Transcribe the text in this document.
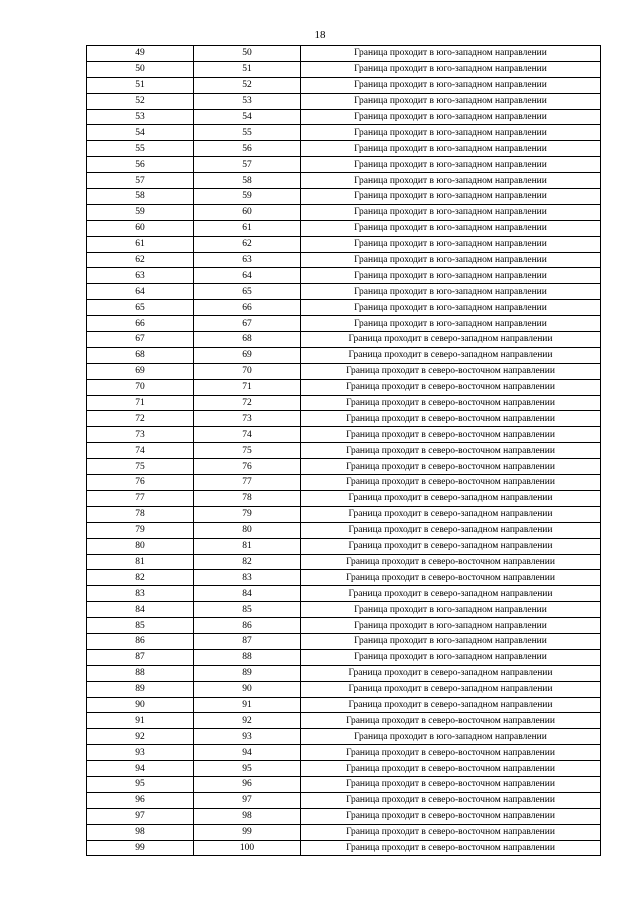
18
49	50	Граница проходит в юго-западном направлении
50	51	Граница проходит в юго-западном направлении
51	52	Граница проходит в юго-западном направлении
52	53	Граница проходит в юго-западном направлении
53	54	Граница проходит в юго-западном направлении
54	55	Граница проходит в юго-западном направлении
55	56	Граница проходит в юго-западном направлении
56	57	Граница проходит в юго-западном направлении
57	58	Граница проходит в юго-западном направлении
58	59	Граница проходит в юго-западном направлении
59	60	Граница проходит в юго-западном направлении
60	61	Граница проходит в юго-западном направлении
61	62	Граница проходит в юго-западном направлении
62	63	Граница проходит в юго-западном направлении
63	64	Граница проходит в юго-западном направлении
64	65	Граница проходит в юго-западном направлении
65	66	Граница проходит в юго-западном направлении
66	67	Граница проходит в юго-западном направлении
67	68	Граница проходит в северо-западном направлении
68	69	Граница проходит в северо-западном направлении
69	70	Граница проходит в северо-восточном направлении
70	71	Граница проходит в северо-восточном направлении
71	72	Граница проходит в северо-восточном направлении
72	73	Граница проходит в северо-восточном направлении
73	74	Граница проходит в северо-восточном направлении
74	75	Граница проходит в северо-восточном направлении
75	76	Граница проходит в северо-восточном направлении
76	77	Граница проходит в северо-восточном направлении
77	78	Граница проходит в северо-западном направлении
78	79	Граница проходит в северо-западном направлении
79	80	Граница проходит в северо-западном направлении
80	81	Граница проходит в северо-западном направлении
81	82	Граница проходит в северо-восточном направлении
82	83	Граница проходит в северо-восточном направлении
83	84	Граница проходит в северо-западном направлении
84	85	Граница проходит в юго-западном направлении
85	86	Граница проходит в юго-западном направлении
86	87	Граница проходит в юго-западном направлении
87	88	Граница проходит в юго-западном направлении
88	89	Граница проходит в северо-западном направлении
89	90	Граница проходит в северо-западном направлении
90	91	Граница проходит в северо-западном направлении
91	92	Граница проходит в северо-восточном направлении
92	93	Граница проходит в юго-западном направлении
93	94	Граница проходит в северо-восточном направлении
94	95	Граница проходит в северо-восточном направлении
95	96	Граница проходит в северо-восточном направлении
96	97	Граница проходит в северо-восточном направлении
97	98	Граница проходит в северо-восточном направлении
98	99	Граница проходит в северо-восточном направлении
99	100	Граница проходит в северо-восточном направлении
